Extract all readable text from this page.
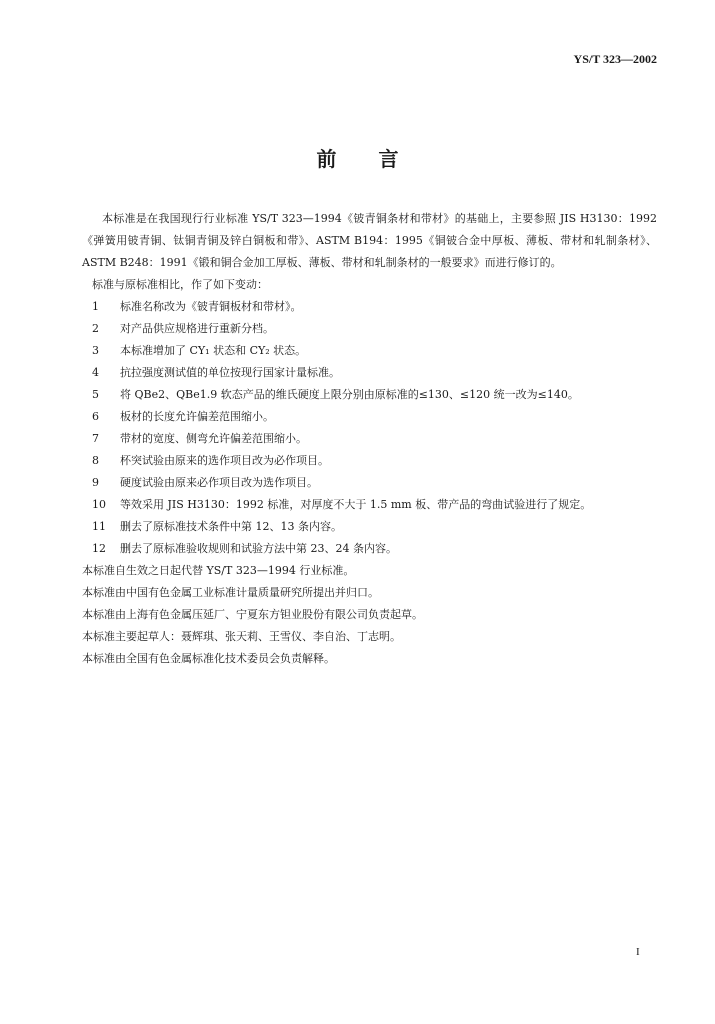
YS/T 323—2002
前言

本标准是在我国现行行业标准 YS/T 323—1994《铍青铜条材和带材》的基础上，主要参照 JIS H3130：1992《弹簧用铍青铜、钛铜青铜及锌白铜板和带》、ASTM B194：1995《铜铍合金中厚板、薄板、带材和轧制条材》、ASTM B248：1991《锻和铜合金加工厚板、薄板、带材和轧制条材的一般要求》而进行修订的。

标准与原标准相比，作了如下变动：

1 标准名称改为《铍青铜板材和带材》。

2 对产品供应规格进行重新分档。

3 本标准增加了 CY₁ 状态和 CY₂ 状态。

4 抗拉强度测试值的单位按现行国家计量标准。

5 将 QBe2、QBe1.9 软态产品的维氏硬度上限分别由原标准的≤130、≤120 统一改为≤140。

6 板材的长度允许偏差范围缩小。

7 带材的宽度、侧弯允许偏差范围缩小。

8 杯突试验由原来的选作项目改为必作项目。

9 硬度试验由原来必作项目改为选作项目。

10 等效采用 JIS H3130：1992 标准，对厚度不大于 1.5 mm 板、带产品的弯曲试验进行了规定。

11 删去了原标准技术条件中第 12、13 条内容。

12 删去了原标准验收规则和试验方法中第 23、24 条内容。

本标准自生效之日起代替 YS/T 323—1994 行业标准。

本标准由中国有色金属工业标准计量质量研究所提出并归口。

本标准由上海有色金属压延厂、宁夏东方钽业股份有限公司负责起草。

本标准主要起草人：聂辉琪、张天莉、王雪仪、李自治、丁志明。

本标准由全国有色金属标准化技术委员会负责解释。

I
